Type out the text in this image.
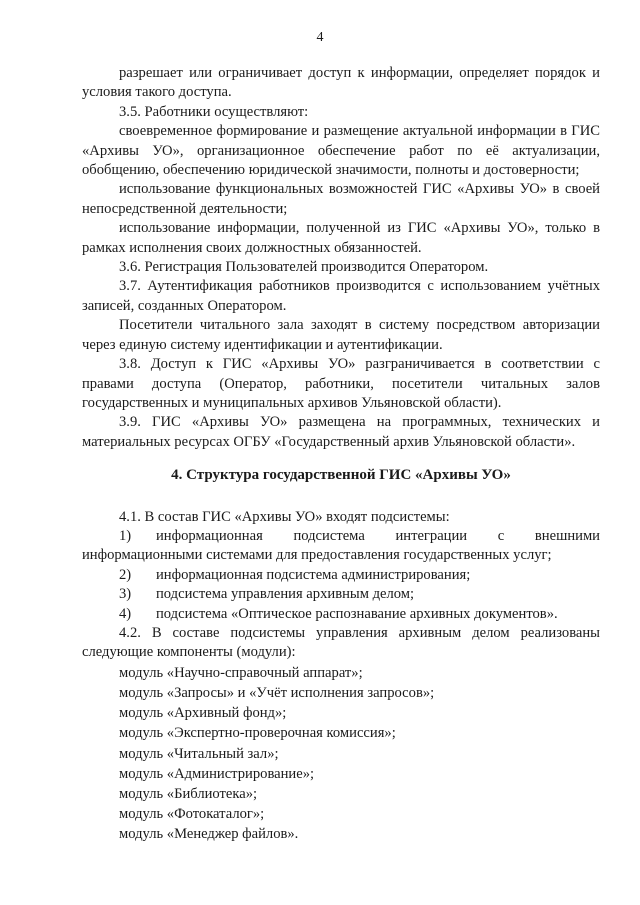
4

разрешает или ограничивает доступ к информации, определяет порядок и условия такого доступа.

3.5. Работники осуществляют:

своевременное формирование и размещение актуальной информации в ГИС «Архивы УО», организационное обеспечение работ по её актуализации, обобщению, обеспечению юридической значимости, полноты и достоверности;

использование функциональных возможностей ГИС «Архивы УО» в своей непосредственной деятельности;

использование информации, полученной из ГИС «Архивы УО», только в рамках исполнения своих должностных обязанностей.

3.6. Регистрация Пользователей производится Оператором.

3.7. Аутентификация работников производится с использованием учётных записей, созданных Оператором.

Посетители читального зала заходят в систему посредством авторизации через единую систему идентификации и аутентификации.

3.8. Доступ к ГИС «Архивы УО» разграничивается в соответствии с правами доступа (Оператор, работники, посетители читальных залов государственных и муниципальных архивов Ульяновской области).

3.9. ГИС «Архивы УО» размещена на программных, технических и материальных ресурсах ОГБУ «Государственный архив Ульяновской области».

4. Структура государственной ГИС «Архивы УО»

4.1. В состав ГИС «Архивы УО» входят подсистемы:

1)	информационная подсистема интеграции с внешними

информационными системами для предоставления государственных услуг;

2)	информационная подсистема администрирования;
3)	подсистема управления архивным делом;
4)	подсистема «Оптическое распознавание архивных документов».

4.2. В составе подсистемы управления архивным делом реализованы следующие компоненты (модули):

модуль «Научно-справочный аппарат»;

модуль «Запросы» и «Учёт исполнения запросов»;

модуль «Архивный фонд»;

модуль «Экспертно-проверочная комиссия»;

модуль «Читальный зал»;

модуль «Администрирование»;

модуль «Библиотека»;

модуль «Фотокаталог»;

модуль «Менеджер файлов».
